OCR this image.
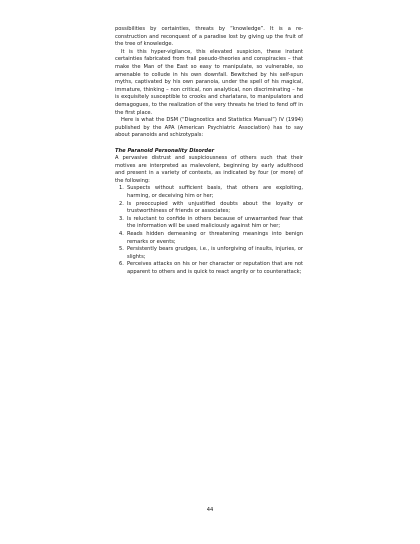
possibilities by certainties, threats by “knowledge”. It is a re-construction and reconquest of a paradise lost by giving up the fruit of the tree of knowledge.

It is this hyper-vigilance, this elevated suspicion, these instant certainties fabricated from frail pseudo-theories and conspiracies – that make the Man of the East so easy to manipulate, so vulnerable, so amenable to collude in his own downfall. Bewitched by his self-spun myths, captivated by his own paranoia, under the spell of his magical, immature, thinking – non critical, non analytical, non discriminating – he is exquisitely susceptible to crooks and charlatans, to manipulators and demagogues, to the realization of the very threats he tried to fend off in the first place.

Here is what the DSM (“Diagnostics and Statistics Manual”) IV (1994) published by the APA (American Psychiatric Association) has to say about paranoids and schizotypals:

The Paranoid Personality Disorder

A pervasive distrust and suspiciousness of others such that their motives are interpreted as malevolent, beginning by early adulthood and present in a variety of contexts, as indicated by four (or more) of the following:

1. Suspects without sufficient basis, that others are exploiting, harming, or deceiving him or her;
2. Is preoccupied with unjustified doubts about the loyalty or trustworthiness of friends or associates;
3. Is reluctant to confide in others because of unwarranted fear that the information will be used maliciously against him or her;
4. Reads hidden demeaning or threatening meanings into benign remarks or events;
5. Persistently bears grudges, i.e., is unforgiving of insults, injuries, or slights;
6. Perceives attacks on his or her character or reputation that are not apparent to others and is quick to react angrily or to counterattack;
44
